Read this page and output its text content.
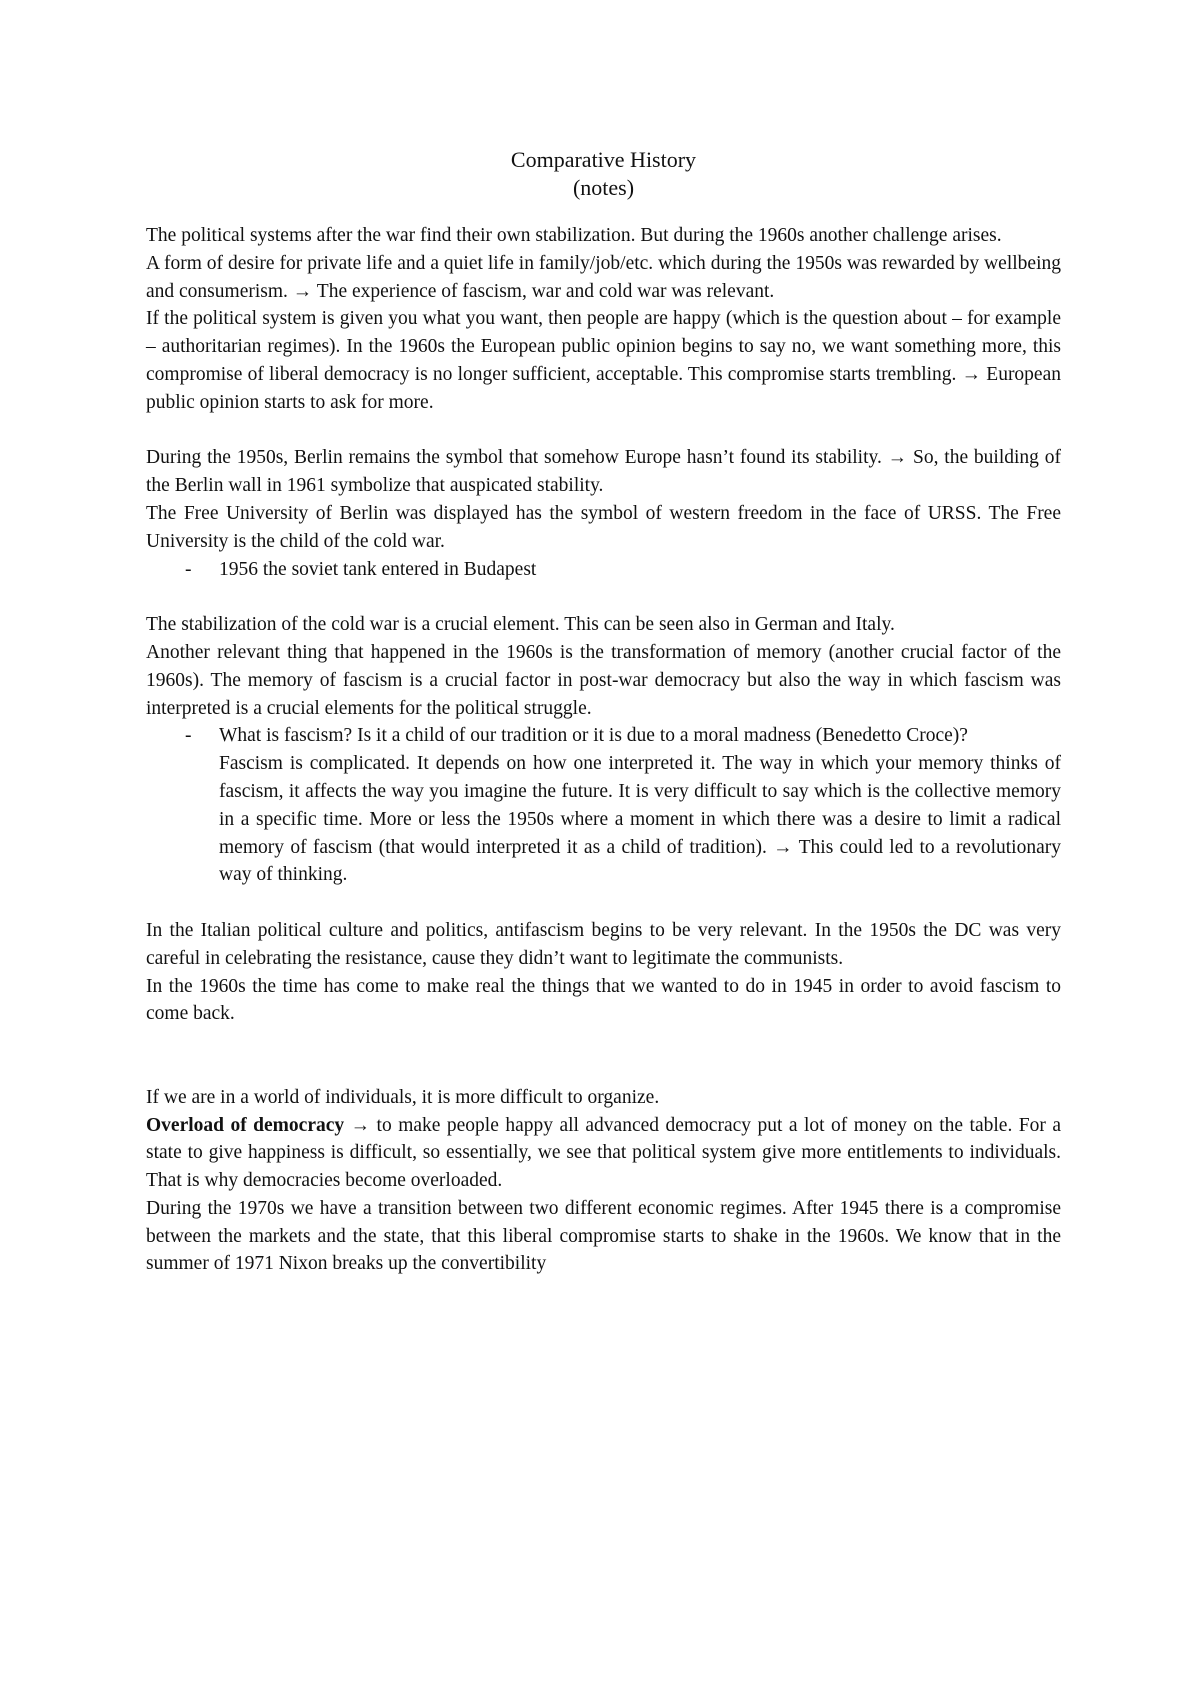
Comparative History
(notes)

The political systems after the war find their own stabilization. But during the 1960s another challenge arises.

A form of desire for private life and a quiet life in family/job/etc. which during the 1950s was rewarded by wellbeing and consumerism. → The experience of fascism, war and cold war was relevant.

If the political system is given you what you want, then people are happy (which is the question about – for example – authoritarian regimes). In the 1960s the European public opinion begins to say no, we want something more, this compromise of liberal democracy is no longer sufficient, acceptable. This compromise starts trembling. → European public opinion starts to ask for more.

During the 1950s, Berlin remains the symbol that somehow Europe hasn’t found its stability. → So, the building of the Berlin wall in 1961 symbolize that auspicated stability.

The Free University of Berlin was displayed has the symbol of western freedom in the face of URSS. The Free University is the child of the cold war.

- 1956 the soviet tank entered in Budapest

The stabilization of the cold war is a crucial element. This can be seen also in German and Italy.

Another relevant thing that happened in the 1960s is the transformation of memory (another crucial factor of the 1960s). The memory of fascism is a crucial factor in post-war democracy but also the way in which fascism was interpreted is a crucial elements for the political struggle.

- What is fascism? Is it a child of our tradition or it is due to a moral madness (Benedetto Croce)?

Fascism is complicated. It depends on how one interpreted it. The way in which your memory thinks of fascism, it affects the way you imagine the future. It is very difficult to say which is the collective memory in a specific time. More or less the 1950s where a moment in which there was a desire to limit a radical memory of fascism (that would interpreted it as a child of tradition). → This could led to a revolutionary way of thinking.

In the Italian political culture and politics, antifascism begins to be very relevant. In the 1950s the DC was very careful in celebrating the resistance, cause they didn’t want to legitimate the communists.

In the 1960s the time has come to make real the things that we wanted to do in 1945 in order to avoid fascism to come back.

If we are in a world of individuals, it is more difficult to organize.

Overload of democracy → to make people happy all advanced democracy put a lot of money on the table. For a state to give happiness is difficult, so essentially, we see that political system give more entitlements to individuals. That is why democracies become overloaded.

During the 1970s we have a transition between two different economic regimes. After 1945 there is a compromise between the markets and the state, that this liberal compromise starts to shake in the 1960s. We know that in the summer of 1971 Nixon breaks up the convertibility
